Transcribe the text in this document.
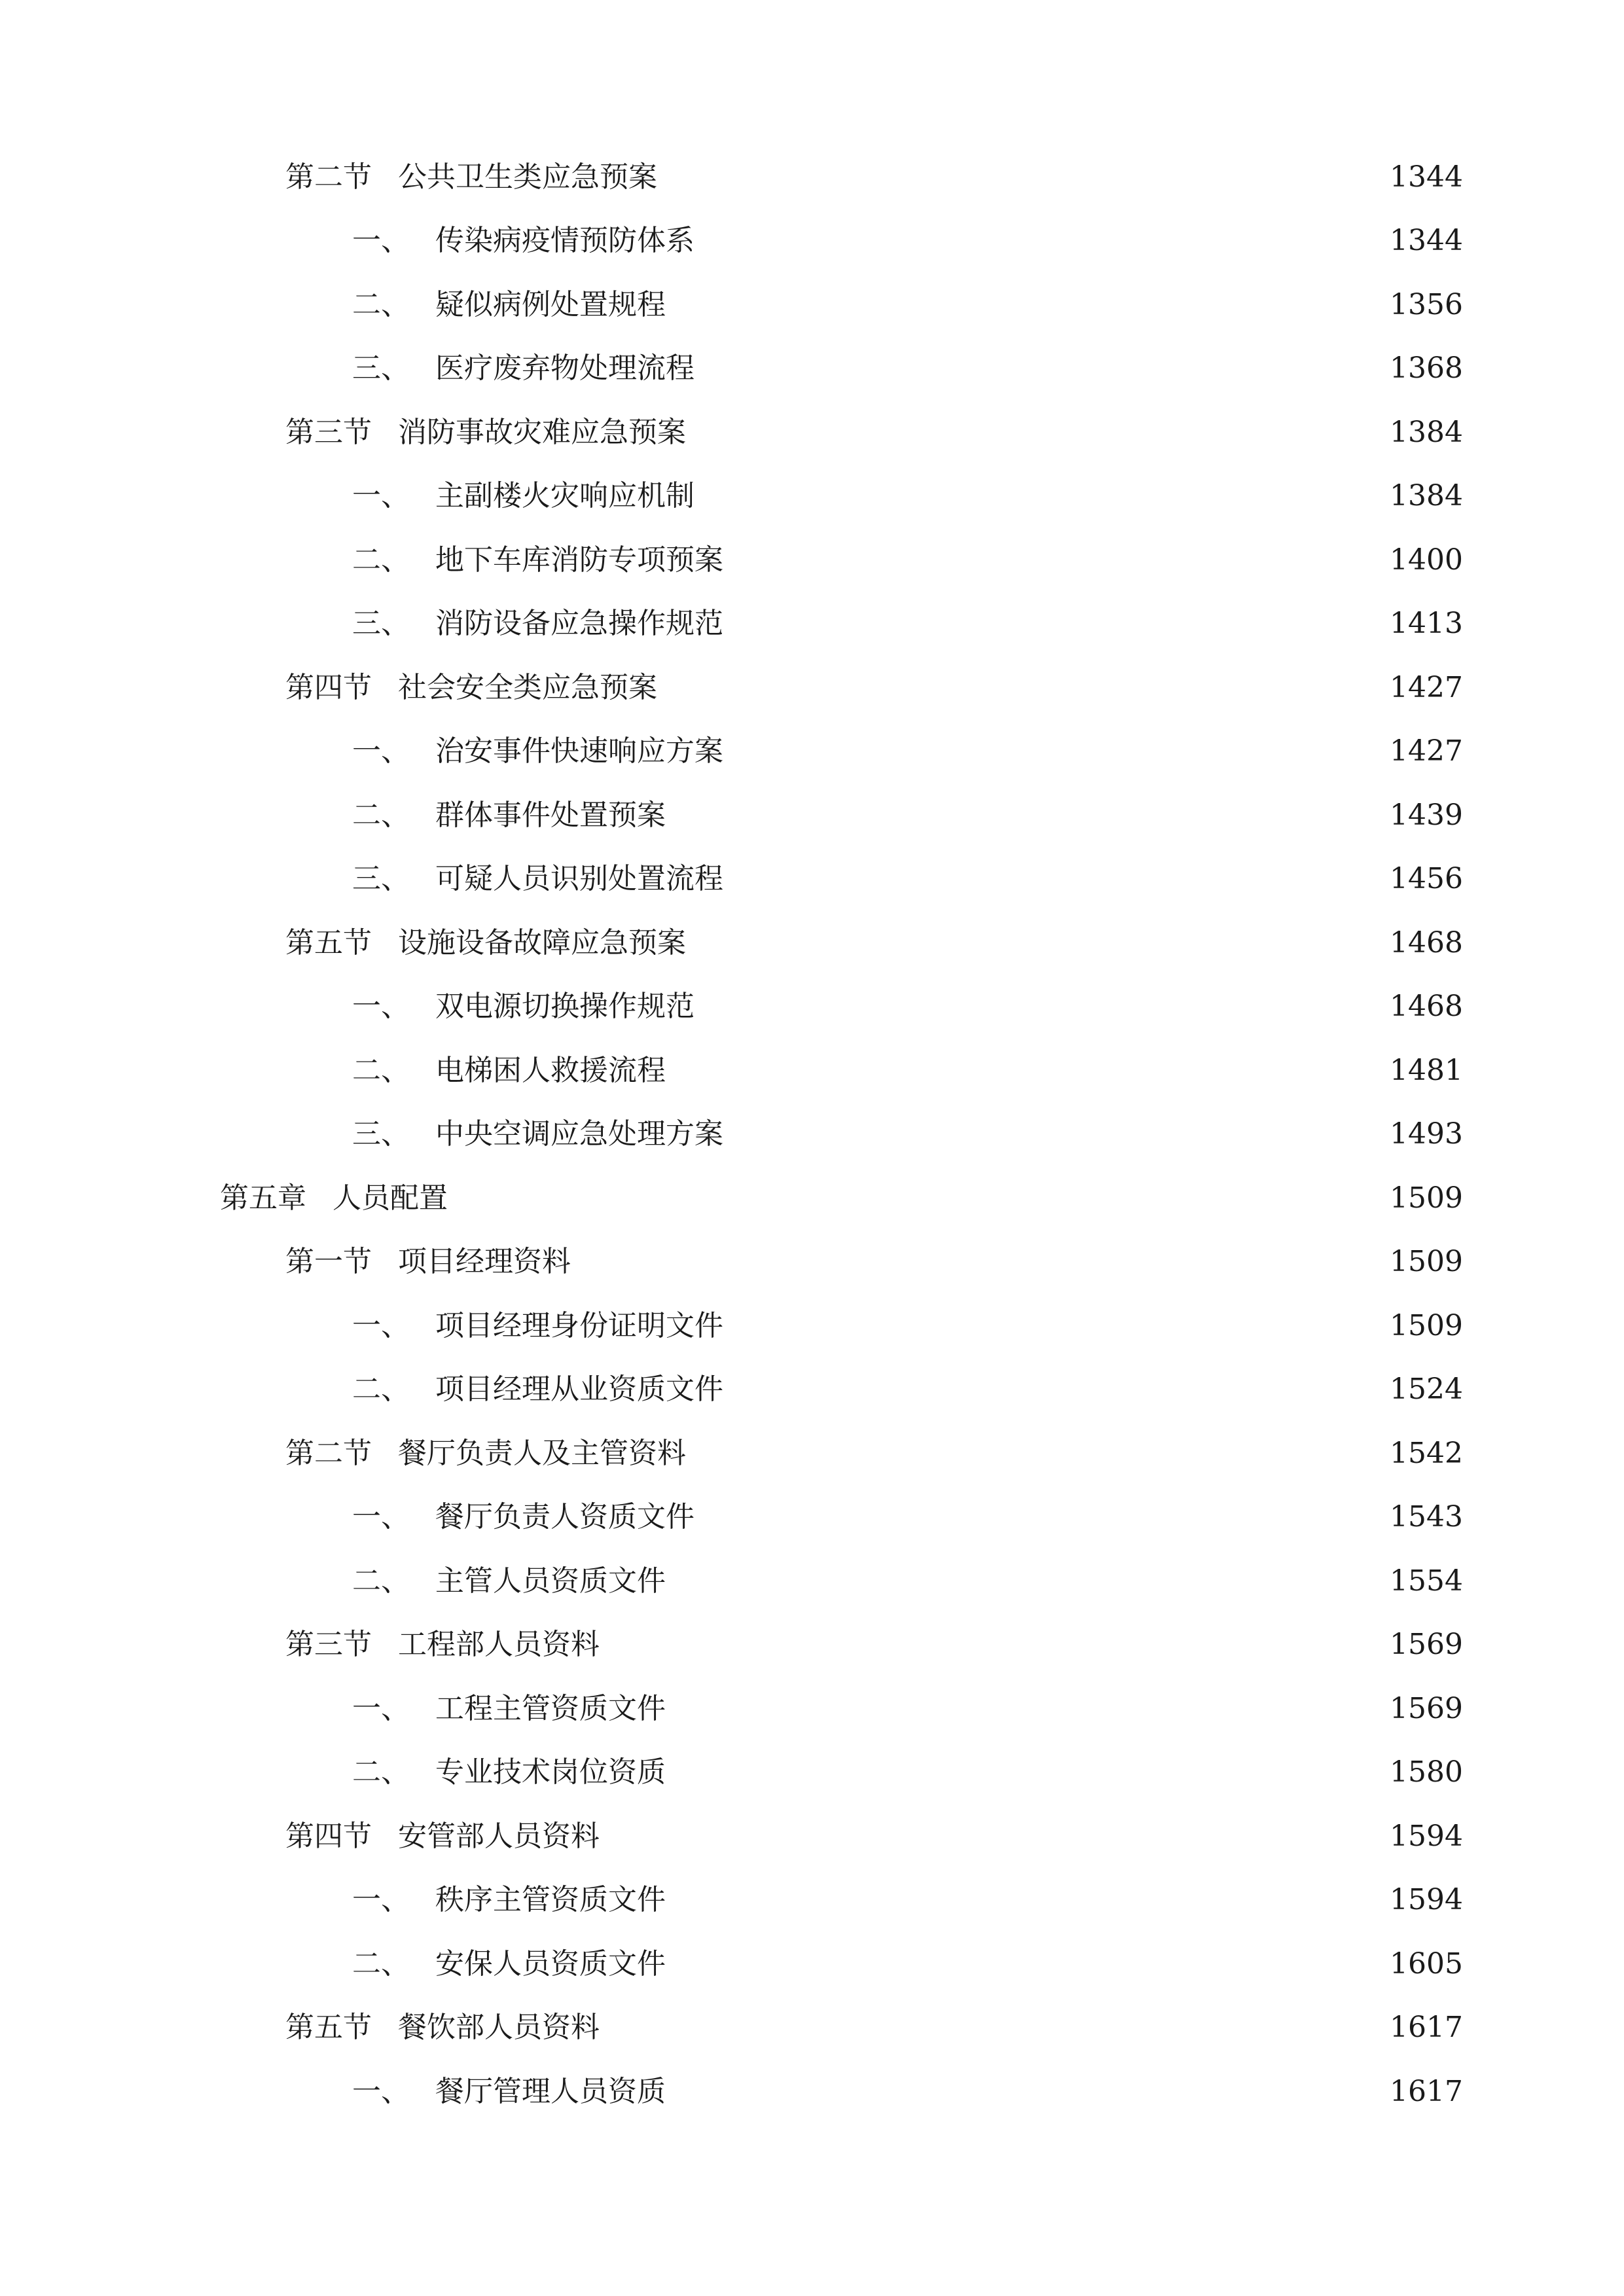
第二节 公共卫生类应急预案	1344
一、 传染病疫情预防体系	1344
二、 疑似病例处置规程	1356
三、 医疗废弃物处理流程	1368
第三节 消防事故灾难应急预案	1384
一、 主副楼火灾响应机制	1384
二、 地下车库消防专项预案	1400
三、 消防设备应急操作规范	1413
第四节 社会安全类应急预案	1427
一、 治安事件快速响应方案	1427
二、 群体事件处置预案	1439
三、 可疑人员识别处置流程	1456
第五节 设施设备故障应急预案	1468
一、 双电源切换操作规范	1468
二、 电梯困人救援流程	1481
三、 中央空调应急处理方案	1493
第五章 人员配置	1509
第一节 项目经理资料	1509
一、 项目经理身份证明文件	1509
二、 项目经理从业资质文件	1524
第二节 餐厅负责人及主管资料	1542
一、 餐厅负责人资质文件	1543
二、 主管人员资质文件	1554
第三节 工程部人员资料	1569
一、 工程主管资质文件	1569
二、 专业技术岗位资质	1580
第四节 安管部人员资料	1594
一、 秩序主管资质文件	1594
二、 安保人员资质文件	1605
第五节 餐饮部人员资料	1617
一、 餐厅管理人员资质	1617
